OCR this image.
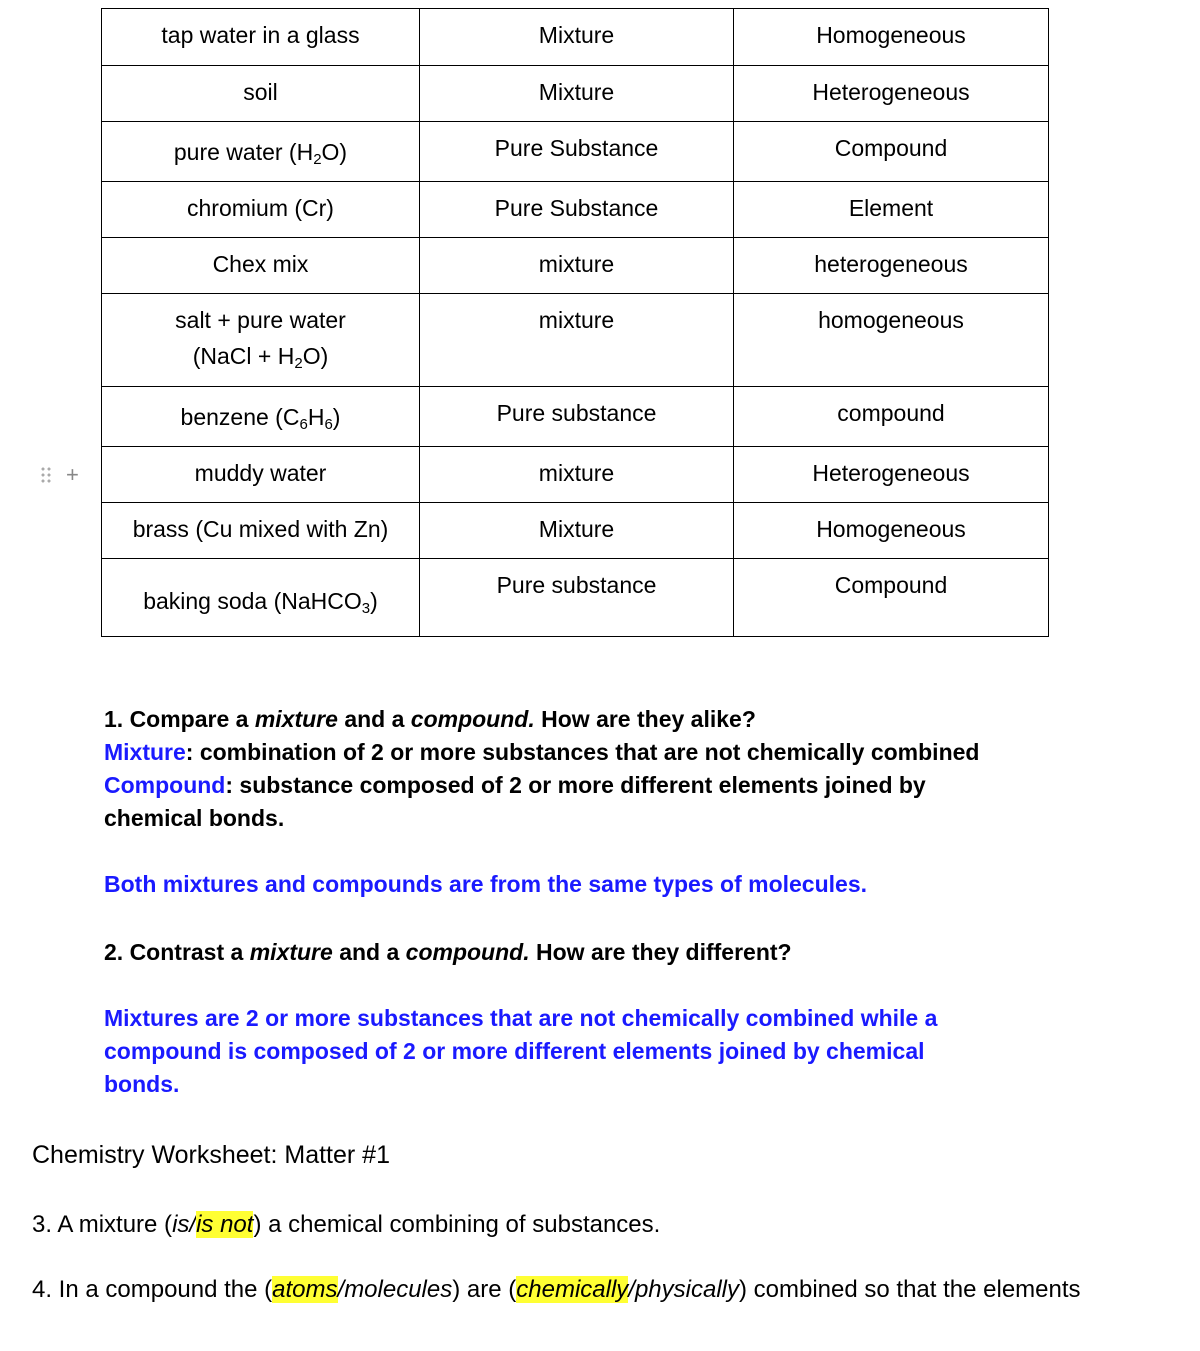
+
tap water in a glass	Mixture	Homogeneous
soil	Mixture	Heterogeneous
pure water $(H_2O)$	Pure Substance	Compound
chromium (Cr)	Pure Substance	Element
Chex mix	mixture	heterogeneous

salt + pure water
(NaCl + $H_2O$)	mixture	homogeneous
benzene $(C_6H_6)$	Pure substance	compound
muddy water	mixture	Heterogeneous
brass (Cu mixed with Zn)	Mixture	Homogeneous
baking soda (NaHCO$_3$)	Pure substance	Compound
1. Compare a mixture and a compound. How are they alike?
Mixture: combination of 2 or more substances that are not chemically combined
Compound: substance composed of 2 or more different elements joined by chemical bonds.
Both mixtures and compounds are from the same types of molecules.
2. Contrast a mixture and a compound. How are they different?
Mixtures are 2 or more substances that are not chemically combined while a compound is composed of 2 or more different elements joined by chemical bonds.
Chemistry Worksheet: Matter #1
3. A mixture (is/is not) a chemical combining of substances.
4. In a compound the (atoms/molecules) are (chemically/physically) combined so that the elements
